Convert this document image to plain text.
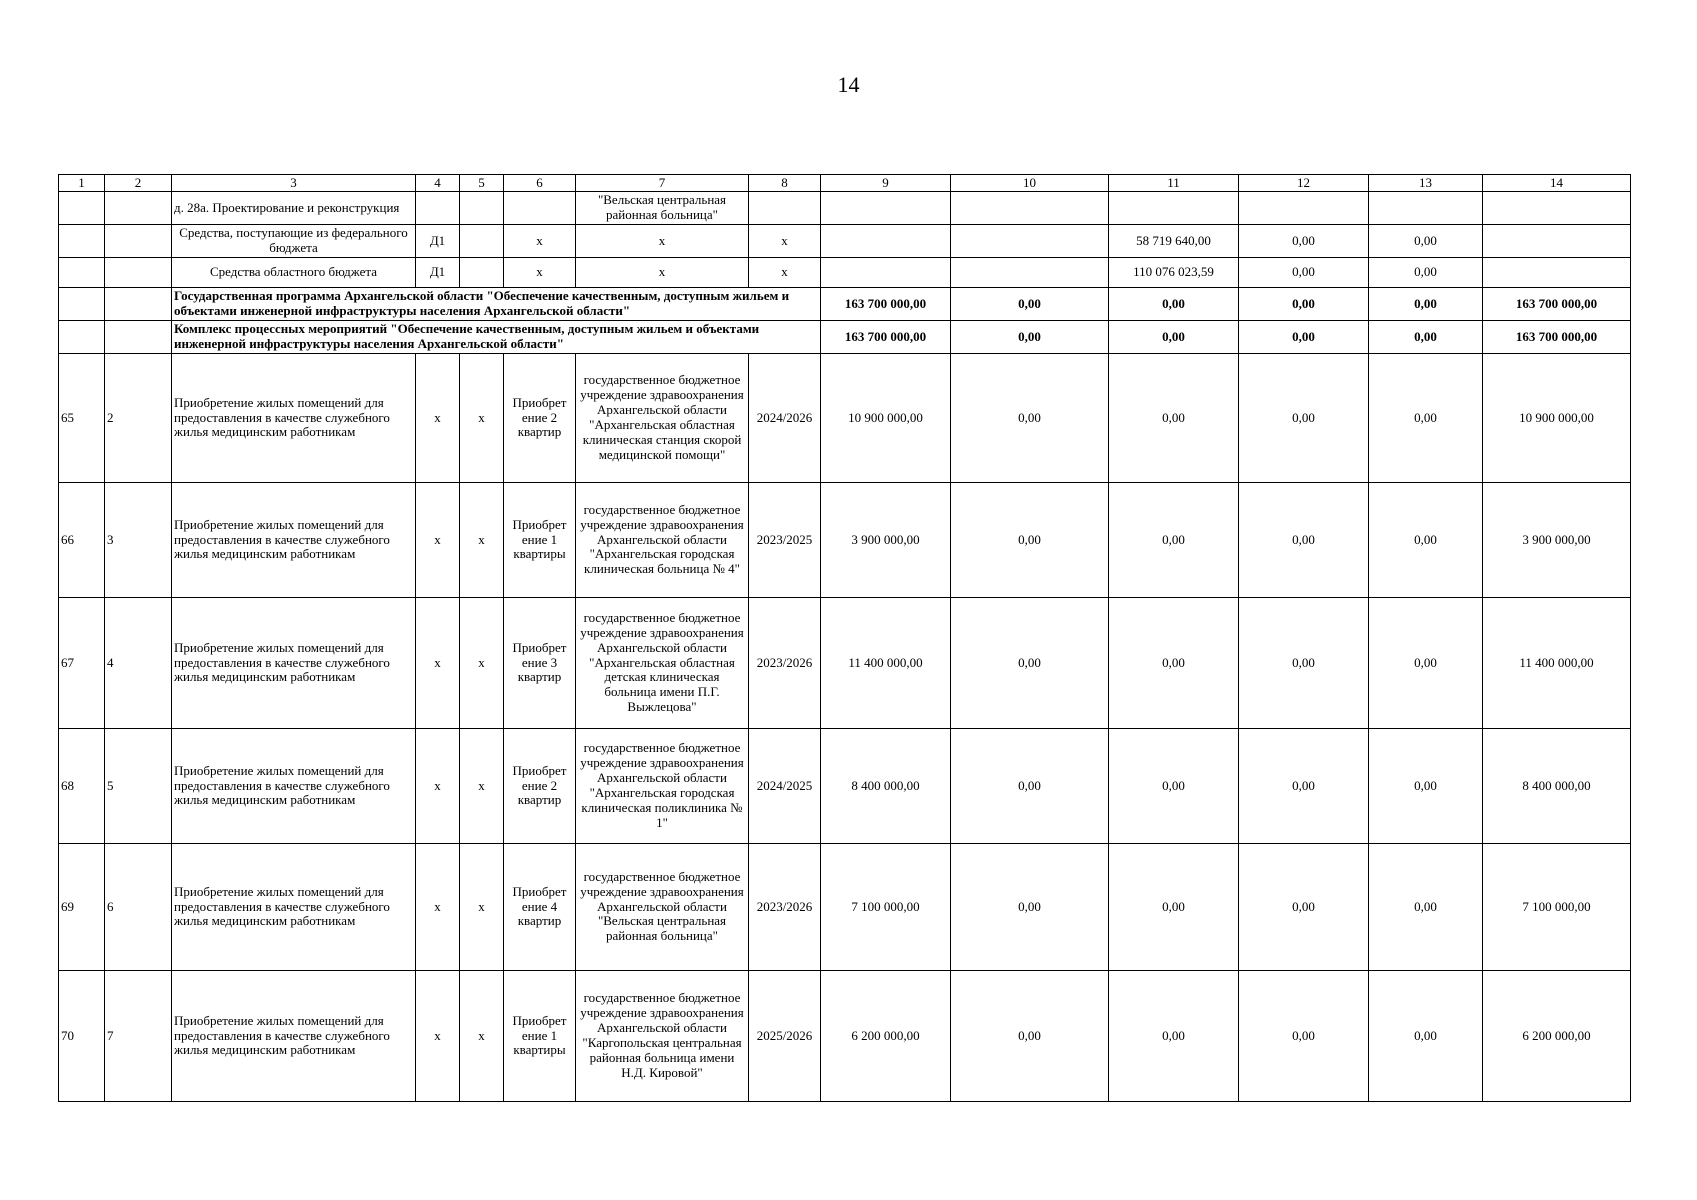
14
1	2	3	4	5	6	7	8	9	10	11	12	13	14
		д. 28а. Проектирование и реконструкция				"Вельская центральная районная больница"							
		Средства, поступающие из федерального бюджета	Д1		х	х	х			58 719 640,00	0,00	0,00	
		Средства областного бюджета	Д1		х	х	х			110 076 023,59	0,00	0,00	
		Государственная программа Архангельской области "Обеспечение качественным, доступным жильем и объектами инженерной инфраструктуры населения Архангельской области"						163 700 000,00	0,00	0,00	0,00	0,00	163 700 000,00
		Комплекс процессных мероприятий "Обеспечение качественным, доступным жильем и объектами инженерной инфраструктуры населения Архангельской области"						163 700 000,00	0,00	0,00	0,00	0,00	163 700 000,00
65	2	Приобретение жилых помещений для предоставления в качестве служебного жилья медицинским работникам	х	х	Приобрет ение 2 квартир	государственное бюджетное учреждение здравоохранения Архангельской области "Архангельская областная клиническая станция скорой медицинской помощи"	2024/2026	10 900 000,00	0,00	0,00	0,00	0,00	10 900 000,00
66	3	Приобретение жилых помещений для предоставления в качестве служебного жилья медицинским работникам	х	х	Приобрет ение 1 квартиры	государственное бюджетное учреждение здравоохранения Архангельской области "Архангельская городская клиническая больница № 4"	2023/2025	3 900 000,00	0,00	0,00	0,00	0,00	3 900 000,00
67	4	Приобретение жилых помещений для предоставления в качестве служебного жилья медицинским работникам	х	х	Приобрет ение 3 квартир	государственное бюджетное учреждение здравоохранения Архангельской области "Архангельская областная детская клиническая больница имени П.Г. Выжлецова"	2023/2026	11 400 000,00	0,00	0,00	0,00	0,00	11 400 000,00
68	5	Приобретение жилых помещений для предоставления в качестве служебного жилья медицинским работникам	х	х	Приобрет ение 2 квартир	государственное бюджетное учреждение здравоохранения Архангельской области "Архангельская городская клиническая поликлиника № 1"	2024/2025	8 400 000,00	0,00	0,00	0,00	0,00	8 400 000,00
69	6	Приобретение жилых помещений для предоставления в качестве служебного жилья медицинским работникам	х	х	Приобрет ение 4 квартир	государственное бюджетное учреждение здравоохранения Архангельской области "Вельская центральная районная больница"	2023/2026	7 100 000,00	0,00	0,00	0,00	0,00	7 100 000,00
70	7	Приобретение жилых помещений для предоставления в качестве служебного жилья медицинским работникам	х	х	Приобрет ение 1 квартиры	государственное бюджетное учреждение здравоохранения Архангельской области "Каргопольская центральная районная больница имени Н.Д. Кировой"	2025/2026	6 200 000,00	0,00	0,00	0,00	0,00	6 200 000,00
